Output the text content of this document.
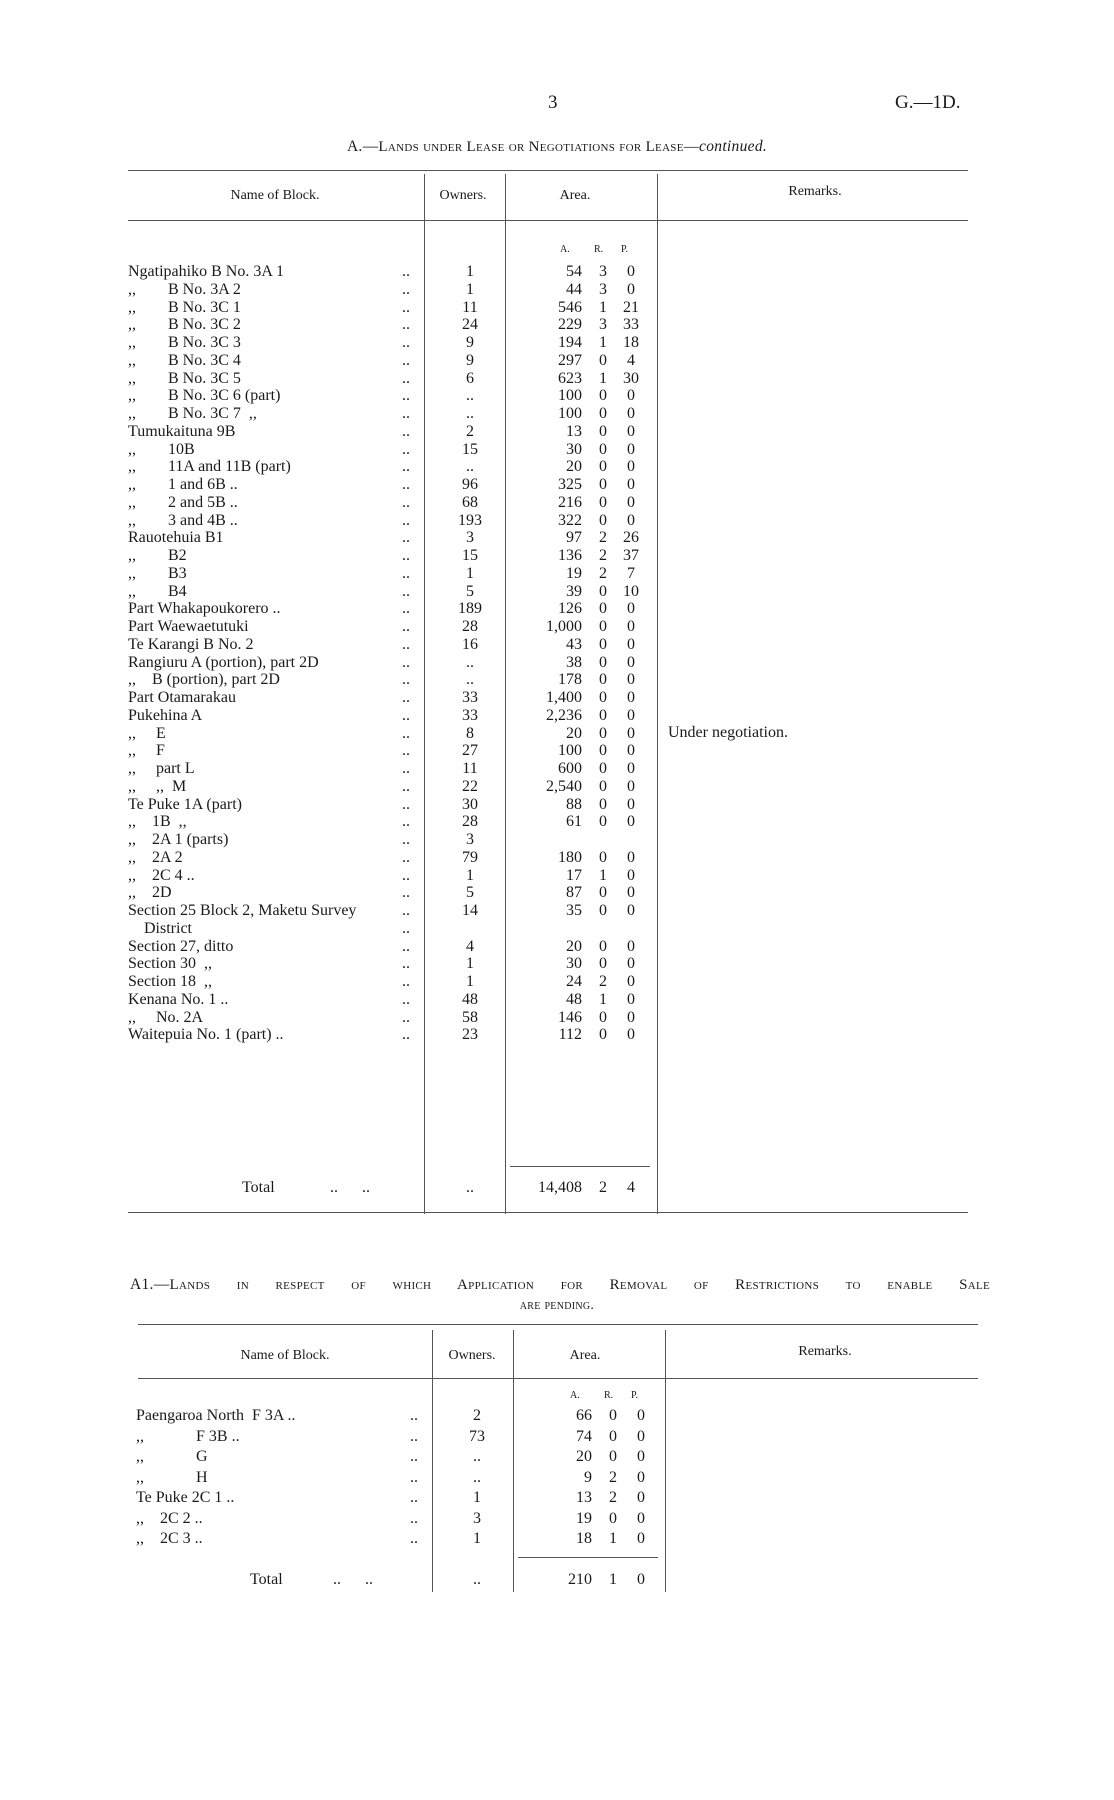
3	G.—1D.
A.—Lands under Lease or Negotiations for Lease—continued.
Name of Block.	Owners.	Area.	Remarks.
A. R. P.
Ngatipahiko B No. 3A 1	..	1	54 3	0
,,        B No. 3A 2	..	1	44 3	0
,,        B No. 3C 1	..	11	546 1 21
,,        B No. 3C 2	..	24	229 3 33
,,        B No. 3C 3	..	9	194 1 18
,,        B No. 3C 4	..	9	297 0	4
,,        B No. 3C 5	..	6	623 1 30
,,        B No. 3C 6 (part)	..	..	100 0	0
,,        B No. 3C 7  ,,	..	..	100 0	0
Tumukaituna 9B	..	2	13 0	0
,,        10B	..	15	30 0	0
,,        11A and 11B (part)	..	..	20 0	0
,,        1 and 6B ..	..	96	325 0	0
,,        2 and 5B ..	..	68	216 0	0
,,        3 and 4B ..	..	193	322 0	0
Rauotehuia B1	..	3	97 2 26
,,        B2	..	15	136 2 37
,,        B3	..	1	19 2	7
,,        B4	..	5	39 0 10
Part Whakapoukorero ..	..	189	126 0	0
Part Waewaetutuki	..	28	1,000 0	0
Te Karangi B No. 2	..	16	43 0	0
Rangiuru A (portion), part 2D	..	..	38 0	0
,,    B (portion), part 2D	..	..	178 0	0
Part Otamarakau	..	33	1,400 0	0
Pukehina A	..	33	2,236 0	0
,,     E	..	8	20 0	0
,,     F	..	27	100 0	0
,,     part L	..	11	600 0	0
,,     ,,  M	..	22	2,540 0	0
Te Puke 1A (part)	..	30	88 0	0
,,    1B  ,,	..	28	61 0	0
,,    2A 1 (parts)	..	3
,,    2A 2	..	79	180 0	0
,,    2C 4 ..	..	1	17 1	0
,,    2D	..	5	87 0	0
Section 25 Block 2, Maketu Survey	..	14	35 0	0
District	..
Section 27, ditto	..	4	20 0	0
Section 30  ,,	..	1	30 0	0
Section 18  ,,	..	1	24 2	0
Kenana No. 1 ..	..	48	48 1	0
,,     No. 2A	..	58	146 0	0
Waitepuia No. 1 (part) ..	..	23	112 0	0
Under negotiation.
Total	..      ..	..	14,408 2	4
A1.—Lands in respect of which Application for Removal of Restrictions to enable Sale
are pending.
Name of Block.	Owners.	Area.	Remarks.
A. R. P.
Paengaroa North  F 3A ..	..	2	66 0	0
,,             F 3B ..	..	73	74 0	0
,,             G	..	..	20 0	0
,,             H	..	..	9 2	0
Te Puke 2C 1 ..	..	1	13 2	0
,,    2C 2 ..	..	3	19 0	0
,,    2C 3 ..	..	1	18 1	0
Total	..      ..	..	210 1	0
